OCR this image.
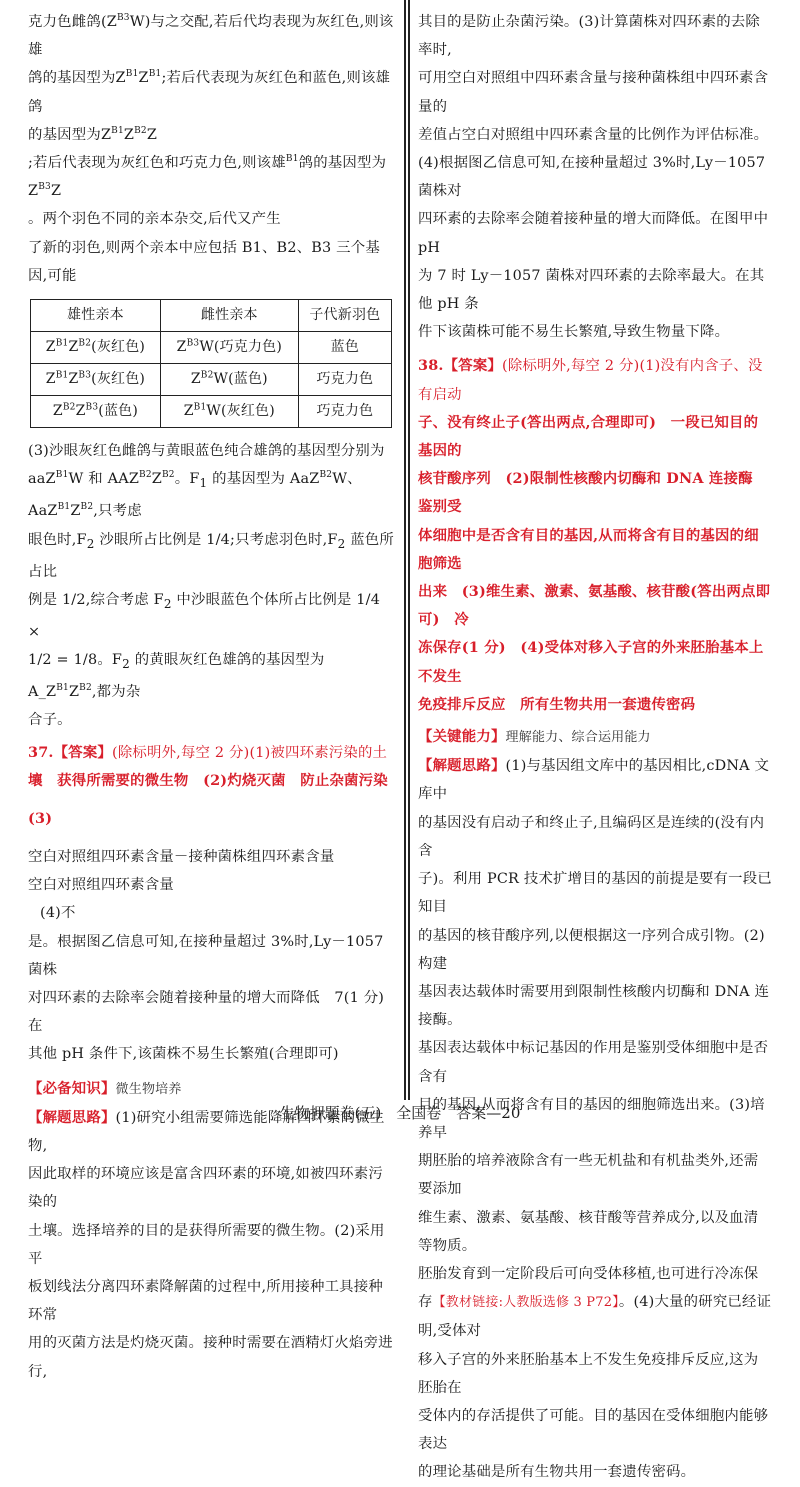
克力色雌鸽$(Z^{B3}W)$与之交配,若后代均表现为灰红色,则该雄
鸽的基因型为$Z^{B1}Z^{B1}$;若后代表现为灰红色和蓝色,则该雄鸽
的基因型为$Z^{B1}Z^{B2}Z$
;若后代表现为灰红色和巧克力色,则该雄$^{B1}$鸽的基因型为$Z^{B3}Z$
。两个羽色不同的亲本杂交,后代又产生
了新的羽色,则两个亲本中应包括 B1、B2、B3 三个基因,可能

雄性亲本	雌性亲本	子代新羽色
$Z^{B1}Z^{B2}$(灰红色)	$Z^{B3}W$(巧克力色)	蓝色
$Z^{B1}Z^{B3}$(灰红色)	$Z^{B2}W$(蓝色)	巧克力色
$Z^{B2}Z^{B3}$(蓝色)	$Z^{B1}W$(灰红色)	巧克力色

(3)沙眼灰红色雌鸽与黄眼蓝色纯合雄鸽的基因型分别为
aaZ$^{B1}$W 和 $AAZ^{B2}Z^{B2}$。$F_1$ 的基因型为 AaZ$^{B2}$W、$AaZ^{B1}Z^{B2}$,只考虑
眼色时$,F_2$ 沙眼所占比例是 1/4;只考虑羽色时$,F_2$ 蓝色所占比
例是 1/2,综合考虑 $F_2$ 中沙眼蓝色个体所占比例是 1/4 ×
1/2 = 1/8。$F_2$ 的黄眼灰红色雄鸽的基因型为 $A\_Z^{B1}Z^{B2}$,都为杂
合子。

37.【答案】(除标明外,每空 2 分)(1)被四环素污染的土
壤　获得所需要的微生物　(2)灼烧灭菌　防止杂菌污染
(3)

空白对照组四环素含量－接种菌株组四环素含量
空白对照组四环素含量
(4)不
是。根据图乙信息可知,在接种量超过 3%时,Ly－1057 菌株
对四环素的去除率会随着接种量的增大而降低　7(1 分)　在
其他 pH 条件下,该菌株不易生长繁殖(合理即可)

【必备知识】微生物培养

【解题思路】(1)研究小组需要筛选能降解四环素的微生物,
因此取样的环境应该是富含四环素的环境,如被四环素污染的
土壤。选择培养的目的是获得所需要的微生物。(2)采用平
板划线法分离四环素降解菌的过程中,所用接种工具接种环常
用的灭菌方法是灼烧灭菌。接种时需要在酒精灯火焰旁进行,

其目的是防止杂菌污染。(3)计算菌株对四环素的去除率时,
可用空白对照组中四环素含量与接种菌株组中四环素含量的
差值占空白对照组中四环素含量的比例作为评估标准。
(4)根据图乙信息可知,在接种量超过 3%时,Ly－1057 菌株对
四环素的去除率会随着接种量的增大而降低。在图甲中 pH
为 7 时 Ly－1057 菌株对四环素的去除率最大。在其他 pH 条
件下该菌株可能不易生长繁殖,导致生物量下降。

38.【答案】(除标明外,每空 2 分)(1)没有内含子、没有启动
子、没有终止子(答出两点,合理即可)　一段已知目的基因的
核苷酸序列　(2)限制性核酸内切酶和 DNA 连接酶　鉴别受
体细胞中是否含有目的基因,从而将含有目的基因的细胞筛选
出来　(3)维生素、激素、氨基酸、核苷酸(答出两点即可)　冷
冻保存(1 分)　(4)受体对移入子宫的外来胚胎基本上不发生
免疫排斥反应　所有生物共用一套遗传密码

【关键能力】理解能力、综合运用能力

【解题思路】(1)与基因组文库中的基因相比,cDNA 文库中
的基因没有启动子和终止子,且编码区是连续的(没有内含
子)。利用 PCR 技术扩增目的基因的前提是要有一段已知目
的基因的核苷酸序列,以便根据这一序列合成引物。(2)构建
基因表达载体时需要用到限制性核酸内切酶和 DNA 连接酶。
基因表达载体中标记基因的作用是鉴别受体细胞中是否含有
目的基因,从而将含有目的基因的细胞筛选出来。(3)培养早
期胚胎的培养液除含有一些无机盐和有机盐类外,还需要添加
维生素、激素、氨基酸、核苷酸等营养成分,以及血清等物质。
胚胎发育到一定阶段后可向受体移植,也可进行冷冻保存【教材链接:人教版选修 3 P72】。(4)大量的研究已经证明,受体对
移入子宫的外来胚胎基本上不发生免疫排斥反应,这为胚胎在
受体内的存活提供了可能。目的基因在受体细胞内能够表达
的理论基础是所有生物共用一套遗传密码。

生物押题卷(五)　全国卷　答案—20
